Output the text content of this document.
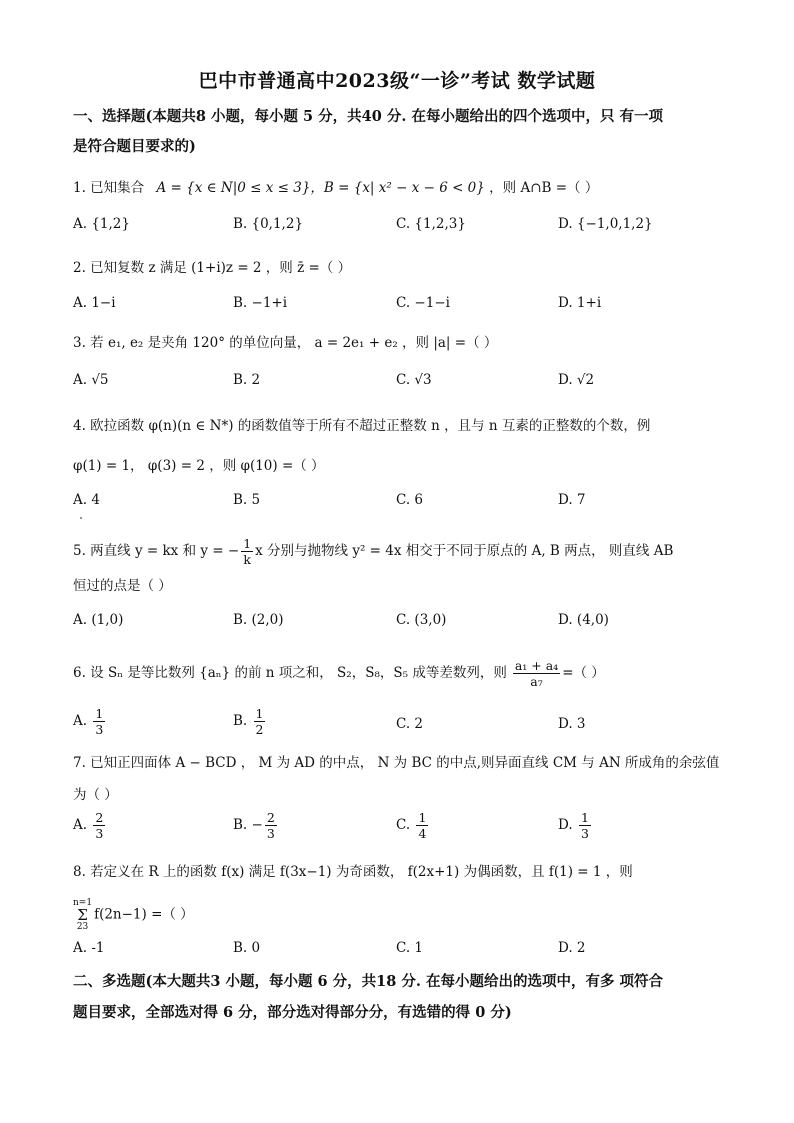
巴中市普通高中2023级“一诊”考试 数学试题
一、选择题(本题共8 小题，每小题 5 分，共40 分. 在每小题给出的四个选项中，只 有一项
是符合题目要求的)
1. 已知集合 A = {x ∈ N|0 ≤ x ≤ 3}，B = {x| x² − x − 6 < 0} ，则 A∩B =（ ）
A. {1,2}	B. {0,1,2}	C. {1,2,3}	D. {−1,0,1,2}
2. 已知复数 z 满足 (1+i)z = 2 ，则 z̄ =（ ）
A. 1−i	B. −1+i	C. −1−i	D. 1+i
3. 若 e₁, e₂ 是夹角 120° 的单位向量， a = 2e₁ + e₂ ，则 |a| =（ ）
A. √5	B. 2	C. √3	D. √2
4. 欧拉函数 φ(n)(n ∈ N*) 的函数值等于所有不超过正整数 n ，且与 n 互素的正整数的个数，例
φ(1) = 1， φ(3) = 2 ，则 φ(10) =（ ）
A. 4	B. 5	C. 6	D. 7
5. 两直线 y = kx 和 y = − $\frac{1}{k}$ x 分别与抛物线 y² = 4x 相交于不同于原点的 A, B 两点， 则直线 AB
恒过的点是（ ）
A. (1,0)	B. (2,0)	C. (3,0)	D. (4,0)
6. 设 Sₙ 是等比数列 {aₙ} 的前 n 项之和， S₂，S₈，S₅ 成等差数列，则 $\frac{\text{a₁ + a₄}}{\text{a₇}}$ =（ ）
A. $\frac{1}{3}$	B. $\frac{1}{2}$	C. 2	D. 3
7. 已知正四面体 A − BCD ， M 为 AD 的中点， N 为 BC 的中点,则异面直线 CM 与 AN 所成角的余弦值
为（ ）
A. $\frac{2}{3}$	B. − $\frac{2}{3}$	C. $\frac{1}{4}$	D. $\frac{1}{3}$
8. 若定义在 R 上的函数 f(x) 满足 f(3x−1) 为奇函数， f(2x+1) 为偶函数，且 f(1) = 1 ，则
n=1
Σ
23
f(2n−1) =（ ）
A. -1	B. 0	C. 1	D. 2
二、多选题(本大题共3 小题，每小题 6 分，共18 分. 在每小题给出的选项中，有多 项符合
题目要求，全部选对得 6 分，部分选对得部分分，有选错的得 0 分)
